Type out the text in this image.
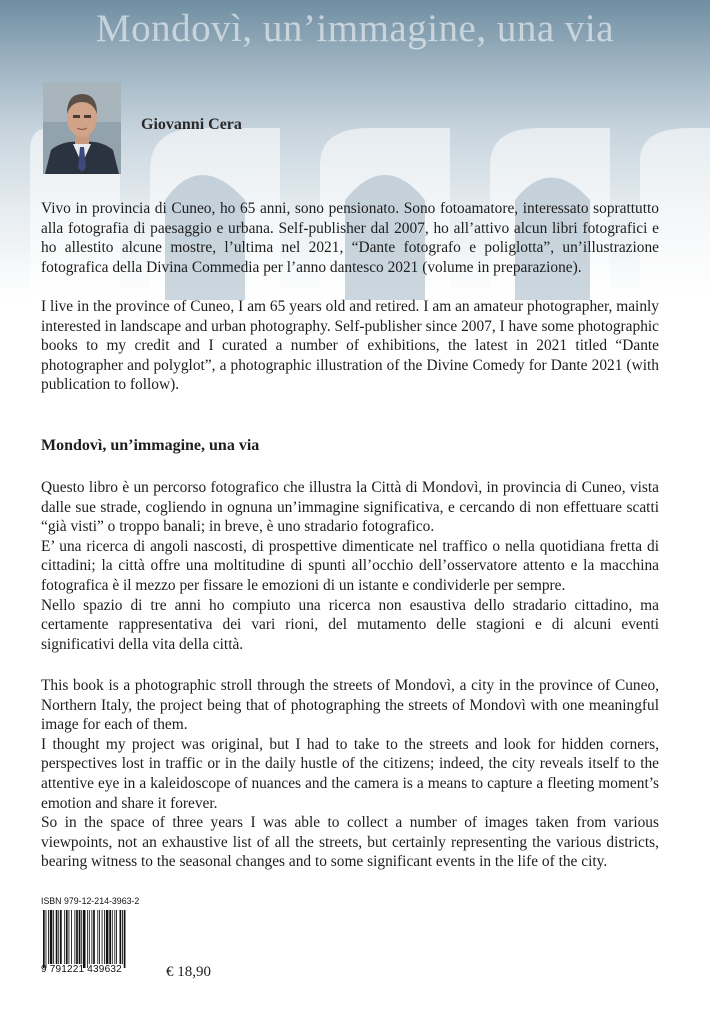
Mondovì, un’immagine, una via
Giovanni Cera

Vivo in provincia di Cuneo, ho 65 anni, sono pensionato. Sono fotoamatore, interessato soprattutto alla fotografia di paesaggio e urbana. Self-publisher dal 2007, ho all’attivo alcun libri fotografici e ho allestito alcune mostre, l’ultima nel 2021, “Dante fotografo e poliglotta”, un’illustrazione fotografica della Divina Commedia per l’anno dantesco 2021 (volume in preparazione).

I live in the province of Cuneo, I am 65 years old and retired. I am an amateur photographer, mainly interested in landscape and urban photography. Self-publisher since 2007, I have some photographic books to my credit and I curated a number of exhibitions, the latest in 2021 titled “Dante photographer and polyglot”, a photographic illustration of the Divine Comedy for Dante 2021 (with publication to follow).

Mondovì, un’immagine, una via

Questo libro è un percorso fotografico che illustra la Città di Mondovì, in provincia di Cuneo, vista dalle sue strade, cogliendo in ognuna un’immagine significativa, e cercando di non effettuare scatti “già visti” o troppo banali; in breve, è uno stradario fotografico.

E’ una ricerca di angoli nascosti, di prospettive dimenticate nel traffico o nella quotidiana fretta di cittadini; la città offre una moltitudine di spunti all’occhio dell’osservatore attento e la macchina fotografica è il mezzo per fissare le emozioni di un istante e condividerle per sempre.

Nello spazio di tre anni ho compiuto una ricerca non esaustiva dello stradario cittadino, ma certamente rappresentativa dei vari rioni, del mutamento delle stagioni e di alcuni eventi significativi della vita della città.

This book is a photographic stroll through the streets of Mondovì, a city in the province of Cuneo, Northern Italy, the project being that of photographing the streets of Mondovì with one meaningful image for each of them.

I thought my project was original, but I had to take to the streets and look for hidden corners, perspectives lost in traffic or in the daily hustle of the citizens; indeed, the city reveals itself to the attentive eye in a kaleidoscope of nuances and the camera is a means to capture a fleeting moment’s emotion and share it forever.

So in the space of three years I was able to collect a number of images taken from various viewpoints, not an exhaustive list of all the streets, but certainly representing the various districts, bearing witness to the seasonal changes and to some significant events in the life of the city.

ISBN 979-12-214-3963-2

9 791221 439632	€ 18,90
